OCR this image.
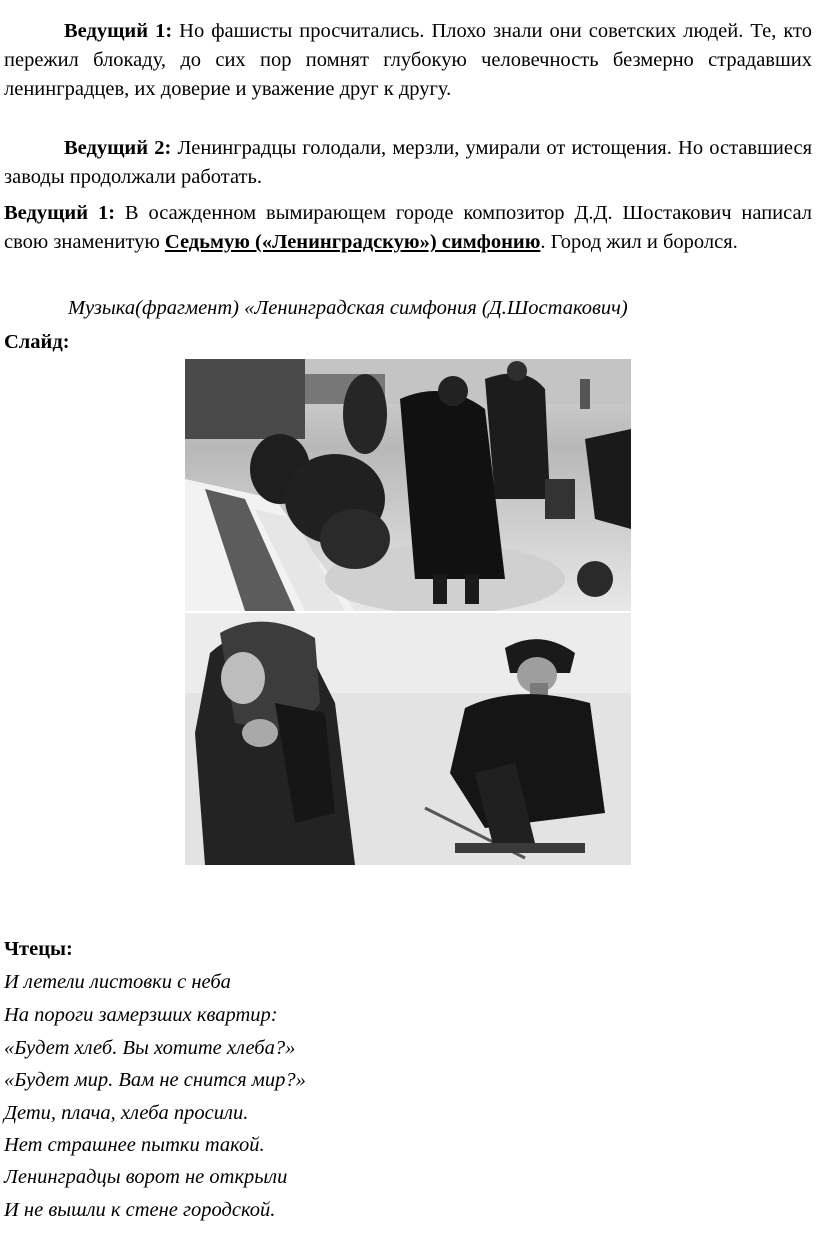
Ведущий 1: Но фашисты просчитались. Плохо знали они советских людей. Те, кто пережил блокаду, до сих пор помнят глубокую человечность безмерно страдавших ленинградцев, их доверие и уважение друг к другу.

Ведущий 2: Ленинградцы голодали, мерзли, умирали от истощения. Но оставшиеся заводы продолжали работать.

Ведущий 1: В осажденном вымирающем городе композитор Д.Д. Шостакович написал свою знаменитую Седьмую («Ленинградскую») симфонию. Город жил и боролся.

Музыка(фрагмент) «Ленинградская симфония (Д.Шостакович)

Слайд:

Чтецы:

И летели листовки с неба

На пороги замерзших квартир:

«Будет хлеб. Вы хотите хлеба?»

«Будет мир. Вам не снится мир?»

Дети, плача, хлеба просили.

Нет страшнее пытки такой.

Ленинградцы ворот не открыли

И не вышли к стене городской.
